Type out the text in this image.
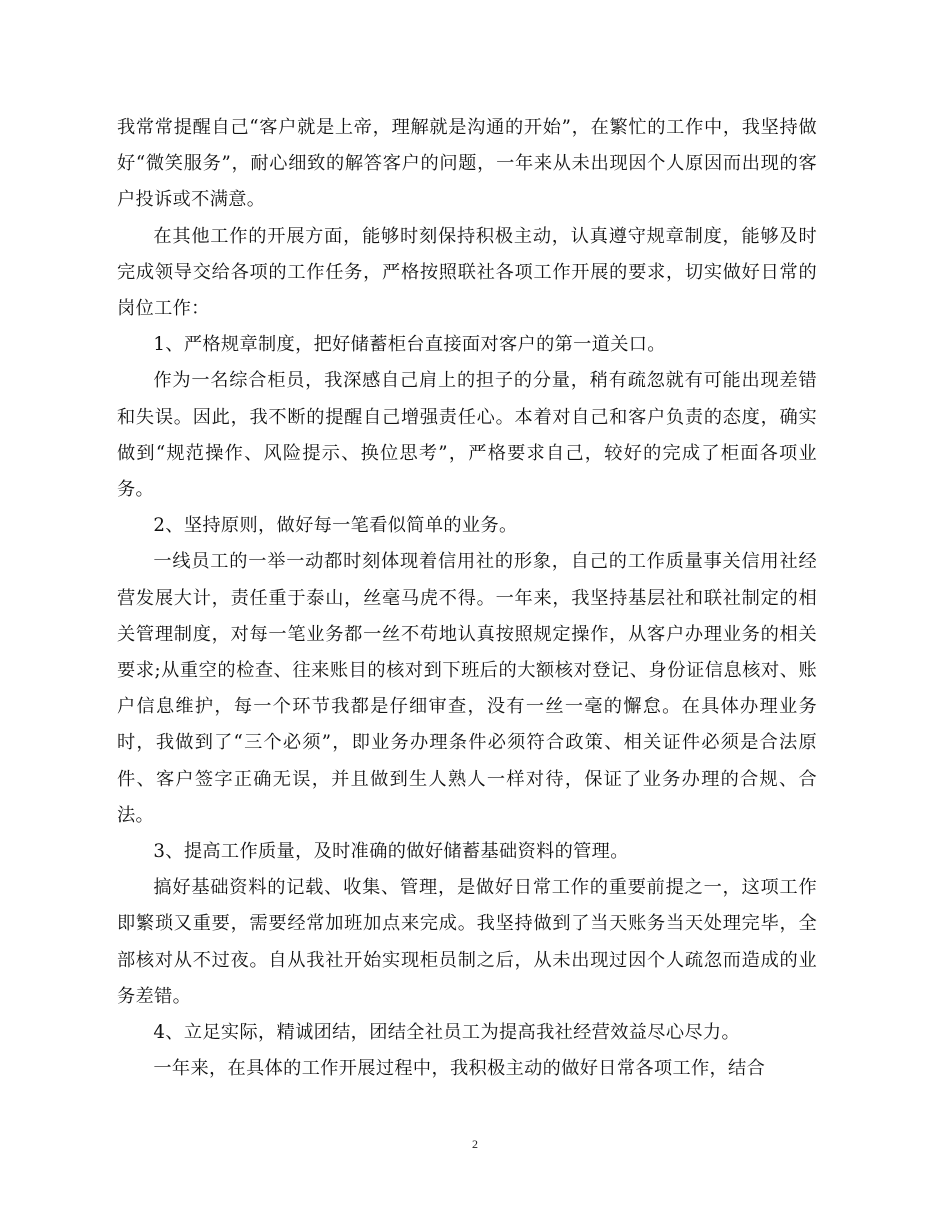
我常常提醒自己“客户就是上帝，理解就是沟通的开始”，在繁忙的工作中，我坚持做好“微笑服务”，耐心细致的解答客户的问题，一年来从未出现因个人原因而出现的客户投诉或不满意。

在其他工作的开展方面，能够时刻保持积极主动，认真遵守规章制度，能够及时完成领导交给各项的工作任务，严格按照联社各项工作开展的要求，切实做好日常的岗位工作：

1、严格规章制度，把好储蓄柜台直接面对客户的第一道关口。

作为一名综合柜员，我深感自己肩上的担子的分量，稍有疏忽就有可能出现差错和失误。因此，我不断的提醒自己增强责任心。本着对自己和客户负责的态度，确实做到“规范操作、风险提示、换位思考”，严格要求自己，较好的完成了柜面各项业务。

2、坚持原则，做好每一笔看似简单的业务。

一线员工的一举一动都时刻体现着信用社的形象，自己的工作质量事关信用社经营发展大计，责任重于泰山，丝毫马虎不得。一年来，我坚持基层社和联社制定的相关管理制度，对每一笔业务都一丝不苟地认真按照规定操作，从客户办理业务的相关要求;从重空的检查、往来账目的核对到下班后的大额核对登记、身份证信息核对、账户信息维护，每一个环节我都是仔细审查，没有一丝一毫的懈怠。在具体办理业务时，我做到了“三个必须”，即业务办理条件必须符合政策、相关证件必须是合法原件、客户签字正确无误，并且做到生人熟人一样对待，保证了业务办理的合规、合法。

3、提高工作质量，及时准确的做好储蓄基础资料的管理。

搞好基础资料的记载、收集、管理，是做好日常工作的重要前提之一，这项工作即繁琐又重要，需要经常加班加点来完成。我坚持做到了当天账务当天处理完毕，全部核对从不过夜。自从我社开始实现柜员制之后，从未出现过因个人疏忽而造成的业务差错。

4、立足实际，精诚团结，团结全社员工为提高我社经营效益尽心尽力。

一年来，在具体的工作开展过程中，我积极主动的做好日常各项工作，结合

2
